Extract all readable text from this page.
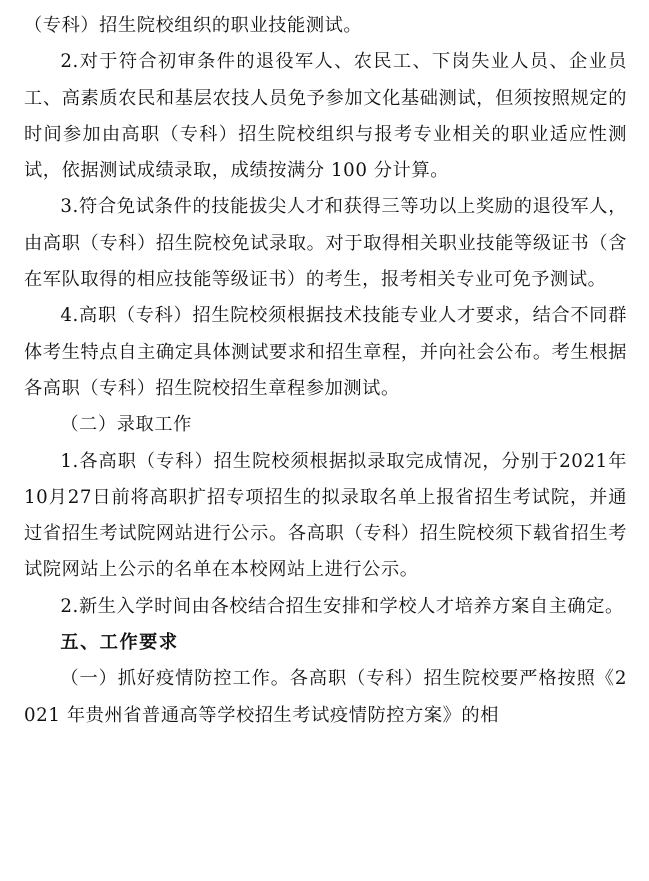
（专科）招生院校组织的职业技能测试。

2.对于符合初审条件的退役军人、农民工、下岗失业人员、企业员工、高素质农民和基层农技人员免予参加文化基础测试，但须按照规定的时间参加由高职（专科）招生院校组织与报考专业相关的职业适应性测试，依据测试成绩录取，成绩按满分 100 分计算。

3.符合免试条件的技能拔尖人才和获得三等功以上奖励的退役军人，由高职（专科）招生院校免试录取。对于取得相关职业技能等级证书（含在军队取得的相应技能等级证书）的考生，报考相关专业可免予测试。

4.高职（专科）招生院校须根据技术技能专业人才要求，结合不同群体考生特点自主确定具体测试要求和招生章程，并向社会公布。考生根据各高职（专科）招生院校招生章程参加测试。

（二）录取工作

1.各高职（专科）招生院校须根据拟录取完成情况，分别于2021年10月27日前将高职扩招专项招生的拟录取名单上报省招生考试院，并通过省招生考试院网站进行公示。各高职（专科）招生院校须下载省招生考试院网站上公示的名单在本校网站上进行公示。

2.新生入学时间由各校结合招生安排和学校人才培养方案自主确定。

五、工作要求

（一）抓好疫情防控工作。各高职（专科）招生院校要严格按照《2021 年贵州省普通高等学校招生考试疫情防控方案》的相
